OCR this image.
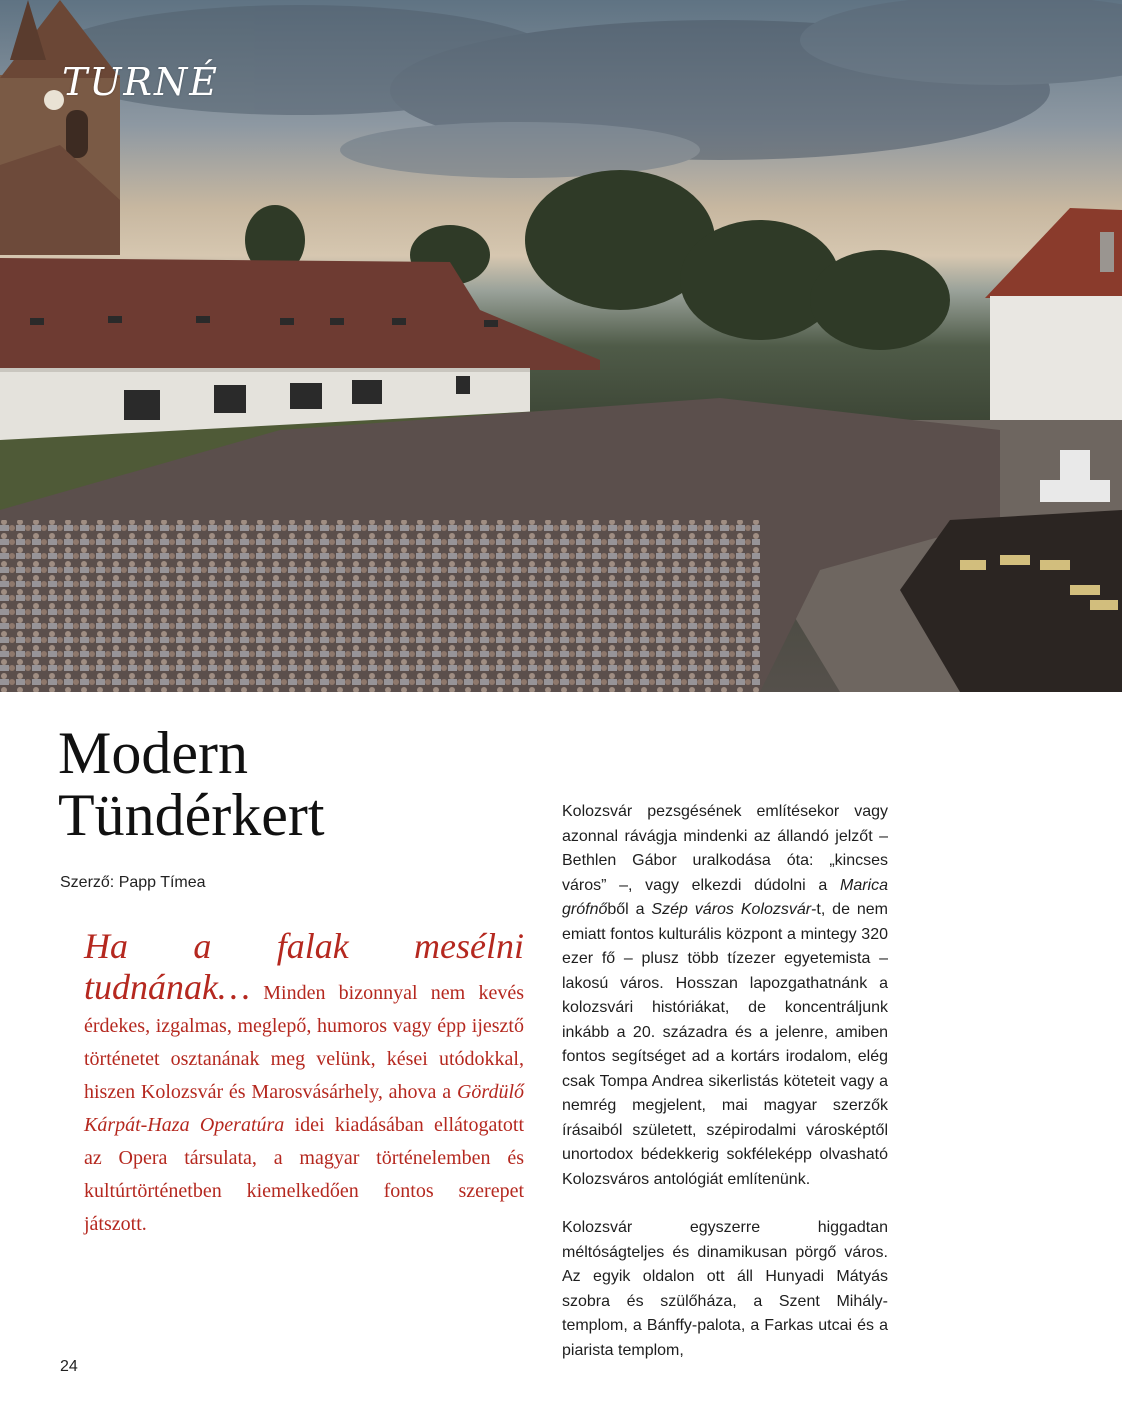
TURNÉ
Modern
Tündérkert

Szerző: Papp Tímea

Ha a falak mesélni tudnának… Minden bizonnyal nem kevés érdekes, izgalmas, meglepő, humoros vagy épp ijesztő történetet osztanának meg velünk, kései utódokkal, hiszen Kolozsvár és Marosvásárhely, ahova a Gördülő Kárpát-Haza Operatúra idei kiadásában ellátogatott az Opera társulata, a magyar történelemben és kultúrtörténetben kiemelkedően fontos szerepet játszott.

Kolozsvár pezsgésének említésekor vagy azonnal rávágja mindenki az állandó jelzőt – Bethlen Gábor uralkodása óta: „kincses város” –, vagy elkezdi dúdolni a Marica grófnőből a Szép város Kolozsvár-t, de nem emiatt fontos kulturális központ a mintegy 320 ezer fő – plusz több tízezer egyetemista – lakosú város. Hosszan lapozgathatnánk a kolozsvári históriákat, de koncentráljunk inkább a 20. századra és a jelenre, amiben fontos segítséget ad a kortárs irodalom, elég csak Tompa Andrea sikerlistás köteteit vagy a nemrég megjelent, mai magyar szerzők írásaiból született, szépirodalmi városképtől unortodox bédekkerig sokféleképp olvasható Kolozsváros antológiát említenünk.

Kolozsvár egyszerre higgadtan méltóságteljes és dinamikusan pörgő város. Az egyik oldalon ott áll Hunyadi Mátyás szobra és szülőháza, a Szent Mihály-templom, a Bánffy-palota, a Farkas utcai és a piarista templom,

24
